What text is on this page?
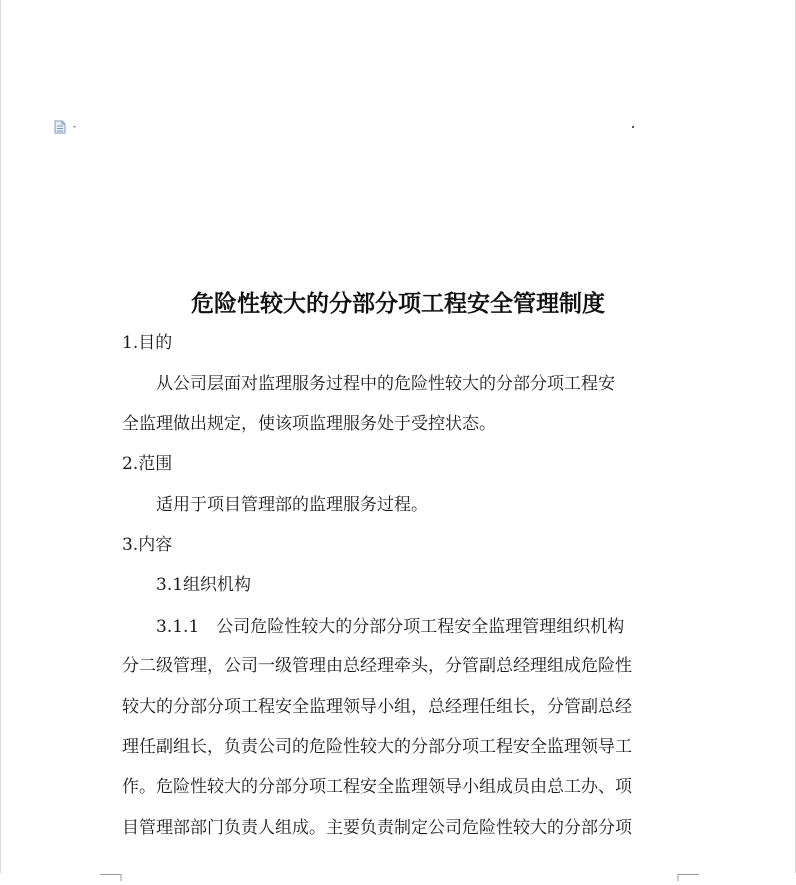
危险性较大的分部分项工程安全管理制度

1.目的

　　从公司层面对监理服务过程中的危险性较大的分部分项工程安

全监理做出规定，使该项监理服务处于受控状态。

2.范围

　　适用于项目管理部的监理服务过程。

3.内容

　　3.1组织机构

　　3.1.1　公司危险性较大的分部分项工程安全监理管理组织机构

分二级管理，公司一级管理由总经理牵头，分管副总经理组成危险性

较大的分部分项工程安全监理领导小组，总经理任组长，分管副总经

理任副组长，负责公司的危险性较大的分部分项工程安全监理领导工

作。危险性较大的分部分项工程安全监理领导小组成员由总工办、项

目管理部部门负责人组成。主要负责制定公司危险性较大的分部分项
